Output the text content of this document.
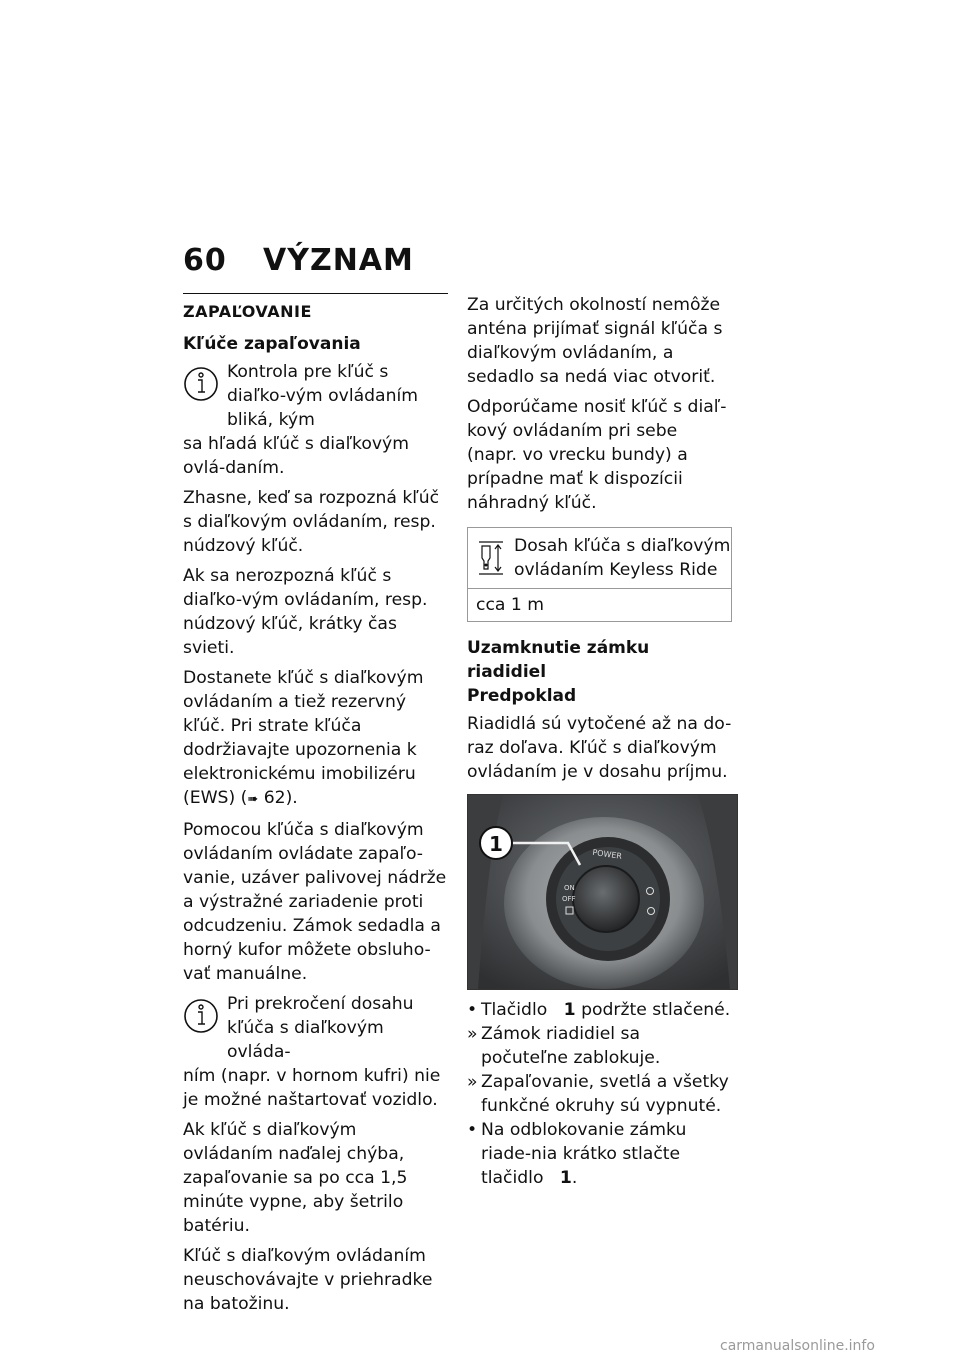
60 VÝZNAM
ZAPAĽOVANIE
Kľúče zapaľovania
Kontrola pre kľúč s diaľko-vým ovládaním bliká, kým
sa hľadá kľúč s diaľkovým ovlá-daním.

Zhasne, keď sa rozpozná kľúč s diaľkovým ovládaním, resp. núdzový kľúč.

Ak sa nerozpozná kľúč s diaľko-vým ovládaním, resp. núdzový kľúč, krátky čas svieti.

Dostanete kľúč s diaľkovým ovládaním a tiež rezervný kľúč. Pri strate kľúča dodržiavajte upozornenia k elektronickému imobilizéru (EWS) (➠ 62).

Pomocou kľúča s diaľkovým ovládaním ovládate zapaľo-vanie, uzáver palivovej nádrže a výstražné zariadenie proti odcudzeniu. Zámok sedadla a horný kufor môžete obsluho-vať manuálne.

Pri prekročení dosahu kľúča s diaľkovým ovláda-
ním (napr. v hornom kufri) nie je možné naštartovať vozidlo.

Ak kľúč s diaľkovým ovládaním naďalej chýba, zapaľovanie sa po cca 1,5 minúte vypne, aby šetrilo batériu.

Kľúč s diaľkovým ovládaním neuschovávajte v priehradke na batožinu.

Za určitých okolností nemôže anténa prijímať signál kľúča s diaľkovým ovládaním, a sedadlo sa nedá viac otvoriť.

Odporúčame nosiť kľúč s diaľ-kový ovládaním pri sebe (napr. vo vrecku bundy) a prípadne mať k dispozícii náhradný kľúč.

Dosah kľúča s diaľkovým ovládaním Keyless Ride
cca 1 m
Uzamknutie zámku riadidiel
Predpoklad

Riadidlá sú vytočené až na do-raz doľava. Kľúč s diaľkovým ovládaním je v dosahu príjmu.

POWER
ON
OFF
1
• Tlačidlo 1 podržte stlačené.
» Zámok riadidiel sa počuteľne zablokuje.
» Zapaľovanie, svetlá a všetky funkčné okruhy sú vypnuté.
• Na odblokovanie zámku riade-nia krátko stlačte tlačidlo 1.
carmanualsonline.info
